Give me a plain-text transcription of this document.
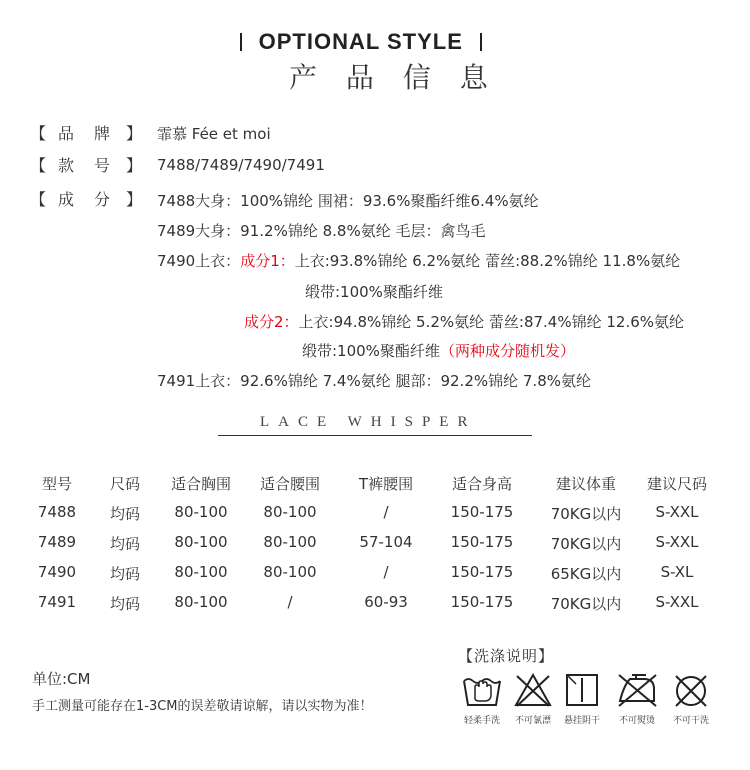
OPTIONAL STYLE
产 品 信 息
【 品 牌 】 霏慕 Fée et moi
【 款 号 】 7488/7489/7490/7491
【 成 分 】 7488大身：100%锦纶 围裙：93.6%聚酯纤维6.4%氨纶
7489大身：91.2%锦纶 8.8%氨纶 毛层：禽鸟毛
7490上衣：成分1：上衣:93.8%锦纶 6.2%氨纶 蕾丝:88.2%锦纶 11.8%氨纶
缎带:100%聚酯纤维
成分2：上衣:94.8%锦纶 5.2%氨纶 蕾丝:87.4%锦纶 12.6%氨纶
缎带:100%聚酯纤维（两种成分随机发）
7491上衣：92.6%锦纶 7.4%氨纶 腿部：92.2%锦纶 7.8%氨纶
LACE WHISPER
型号	尺码	适合胸围	适合腰围	T裤腰围	适合身高	建议体重	建议尺码
7488	均码	80-100	80-100	/	150-175	70KG以内	S-XXL
7489	均码	80-100	80-100	57-104	150-175	70KG以内	S-XXL
7490	均码	80-100	80-100	/	150-175	65KG以内	S-XL
7491	均码	80-100	/	60-93	150-175	70KG以内	S-XXL
单位:CM
手工测量可能存在1-3CM的误差敬请谅解，请以实物为准！
【洗涤说明】
轻柔手洗	不可氯漂	悬挂阴干	不可熨烫	不可干洗
